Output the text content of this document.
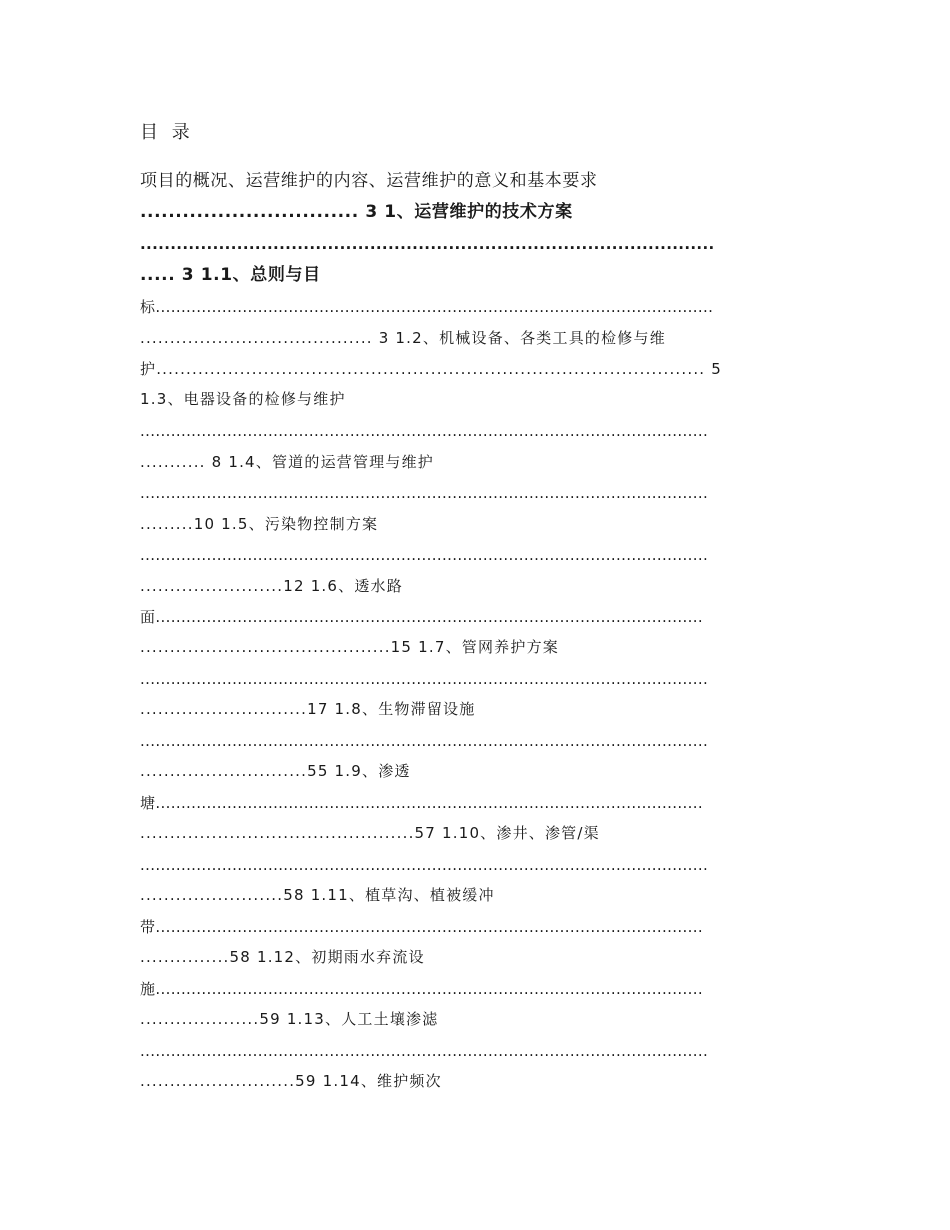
目 录
项目的概况、运营维护的内容、运营维护的意义和基本要求
............................... 3 1、运营维护的技术方案
...............................................................................................
..... 3 1.1、总则与目
标.............................................................................................................
....................................... 3 1.2、机械设备、各类工具的检修与维
护............................................................................................ 5
1.3、电器设备的检修与维护
...............................................................................................................
........... 8 1.4、管道的运营管理与维护
...............................................................................................................
.........10 1.5、污染物控制方案
...............................................................................................................
........................12 1.6、透水路
面...........................................................................................................
..........................................15 1.7、管网养护方案
...............................................................................................................
............................17 1.8、生物滞留设施
...............................................................................................................
............................55 1.9、渗透
塘...........................................................................................................
..............................................57 1.10、渗井、渗管/渠
...............................................................................................................
........................58 1.11、植草沟、植被缓冲
带...........................................................................................................
...............58 1.12、初期雨水弃流设
施...........................................................................................................
....................59 1.13、人工土壤渗滤
...............................................................................................................
..........................59 1.14、维护频次
